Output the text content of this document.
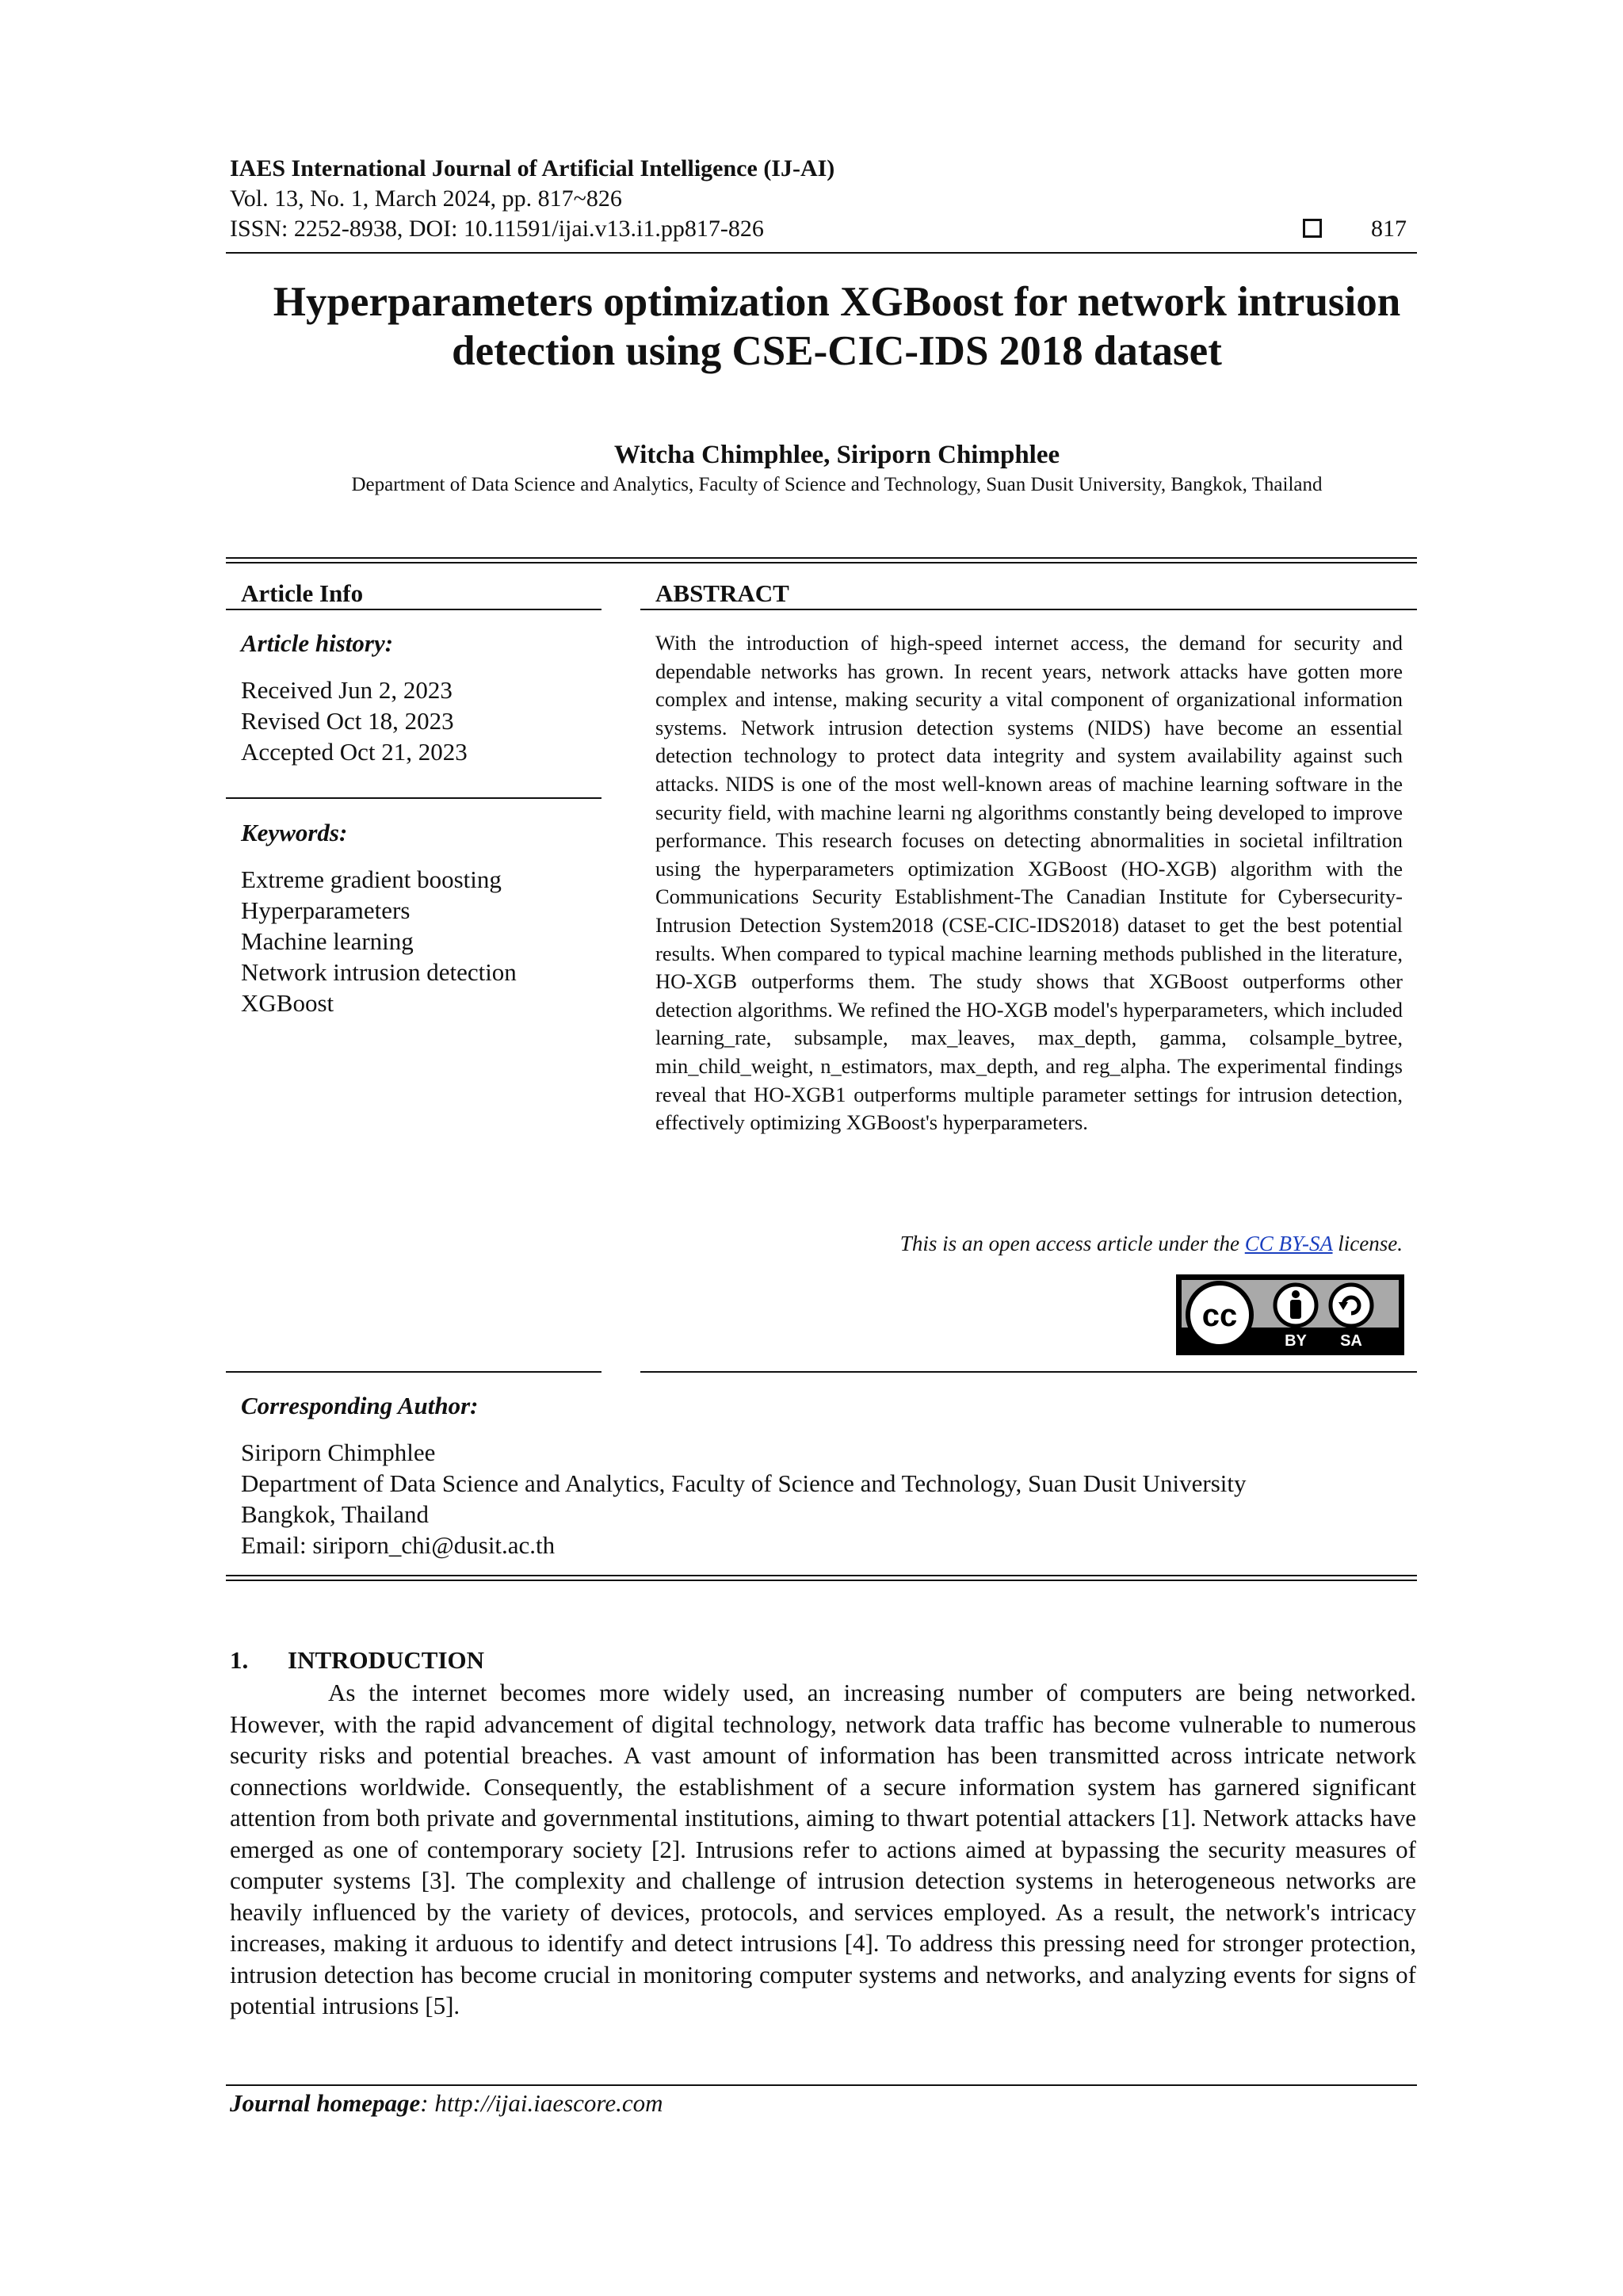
IAES International Journal of Artificial Intelligence (IJ-AI)
Vol. 13, No. 1, March 2024, pp. 817~826
ISSN: 2252-8938, DOI: 10.11591/ijai.v13.i1.pp817-826	817
Hyperparameters optimization XGBoost for network intrusion
detection using CSE-CIC-IDS 2018 dataset
Witcha Chimphlee, Siriporn Chimphlee
Department of Data Science and Analytics, Faculty of Science and Technology, Suan Dusit University, Bangkok, Thailand
Article Info
Article history:
Received Jun 2, 2023
Revised Oct 18, 2023
Accepted Oct 21, 2023
Keywords:
Extreme gradient boosting
Hyperparameters
Machine learning
Network intrusion detection
XGBoost
ABSTRACT
With the introduction of high-speed internet access, the demand for security and dependable networks has grown. In recent years, network attacks have gotten more complex and intense, making security a vital component of organizational information systems. Network intrusion detection systems (NIDS) have become an essential detection technology to protect data integrity and system availability against such attacks. NIDS is one of the most well-known areas of machine learning software in the security field, with machine learni ng algorithms constantly being developed to improve performance. This research focuses on detecting abnormalities in societal infiltration using the hyperparameters optimization XGBoost (HO-XGB) algorithm with the Communications Security Establishment-The Canadian Institute for Cybersecurity-Intrusion Detection System2018 (CSE-CIC-IDS2018) dataset to get the best potential results. When compared to typical machine learning methods published in the literature, HO-XGB outperforms them. The study shows that XGBoost outperforms other detection algorithms. We refined the HO-XGB model's hyperparameters, which included learning_rate, subsample, max_leaves, max_depth, gamma, colsample_bytree, min_child_weight, n_estimators, max_depth, and reg_alpha. The experimental findings reveal that HO-XGB1 outperforms multiple parameter settings for intrusion detection, effectively optimizing XGBoost's hyperparameters.
This is an open access article under the CC BY-SA license.
cc
BY SA
Corresponding Author:
Siriporn Chimphlee
Department of Data Science and Analytics, Faculty of Science and Technology, Suan Dusit University
Bangkok, Thailand
Email: siriporn_chi@dusit.ac.th
1. INTRODUCTION

As the internet becomes more widely used, an increasing number of computers are being networked. However, with the rapid advancement of digital technology, network data traffic has become vulnerable to numerous security risks and potential breaches. A vast amount of information has been transmitted across intricate network connections worldwide. Consequently, the establishment of a secure information system has garnered significant attention from both private and governmental institutions, aiming to thwart potential attackers [1]. Network attacks have emerged as one of contemporary society [2]. Intrusions refer to actions aimed at bypassing the security measures of computer systems [3]. The complexity and challenge of intrusion detection systems in heterogeneous networks are heavily influenced by the variety of devices, protocols, and services employed. As a result, the network's intricacy increases, making it arduous to identify and detect intrusions [4]. To address this pressing need for stronger protection, intrusion detection has become crucial in monitoring computer systems and networks, and analyzing events for signs of potential intrusions [5].

Journal homepage: http://ijai.iaescore.com
